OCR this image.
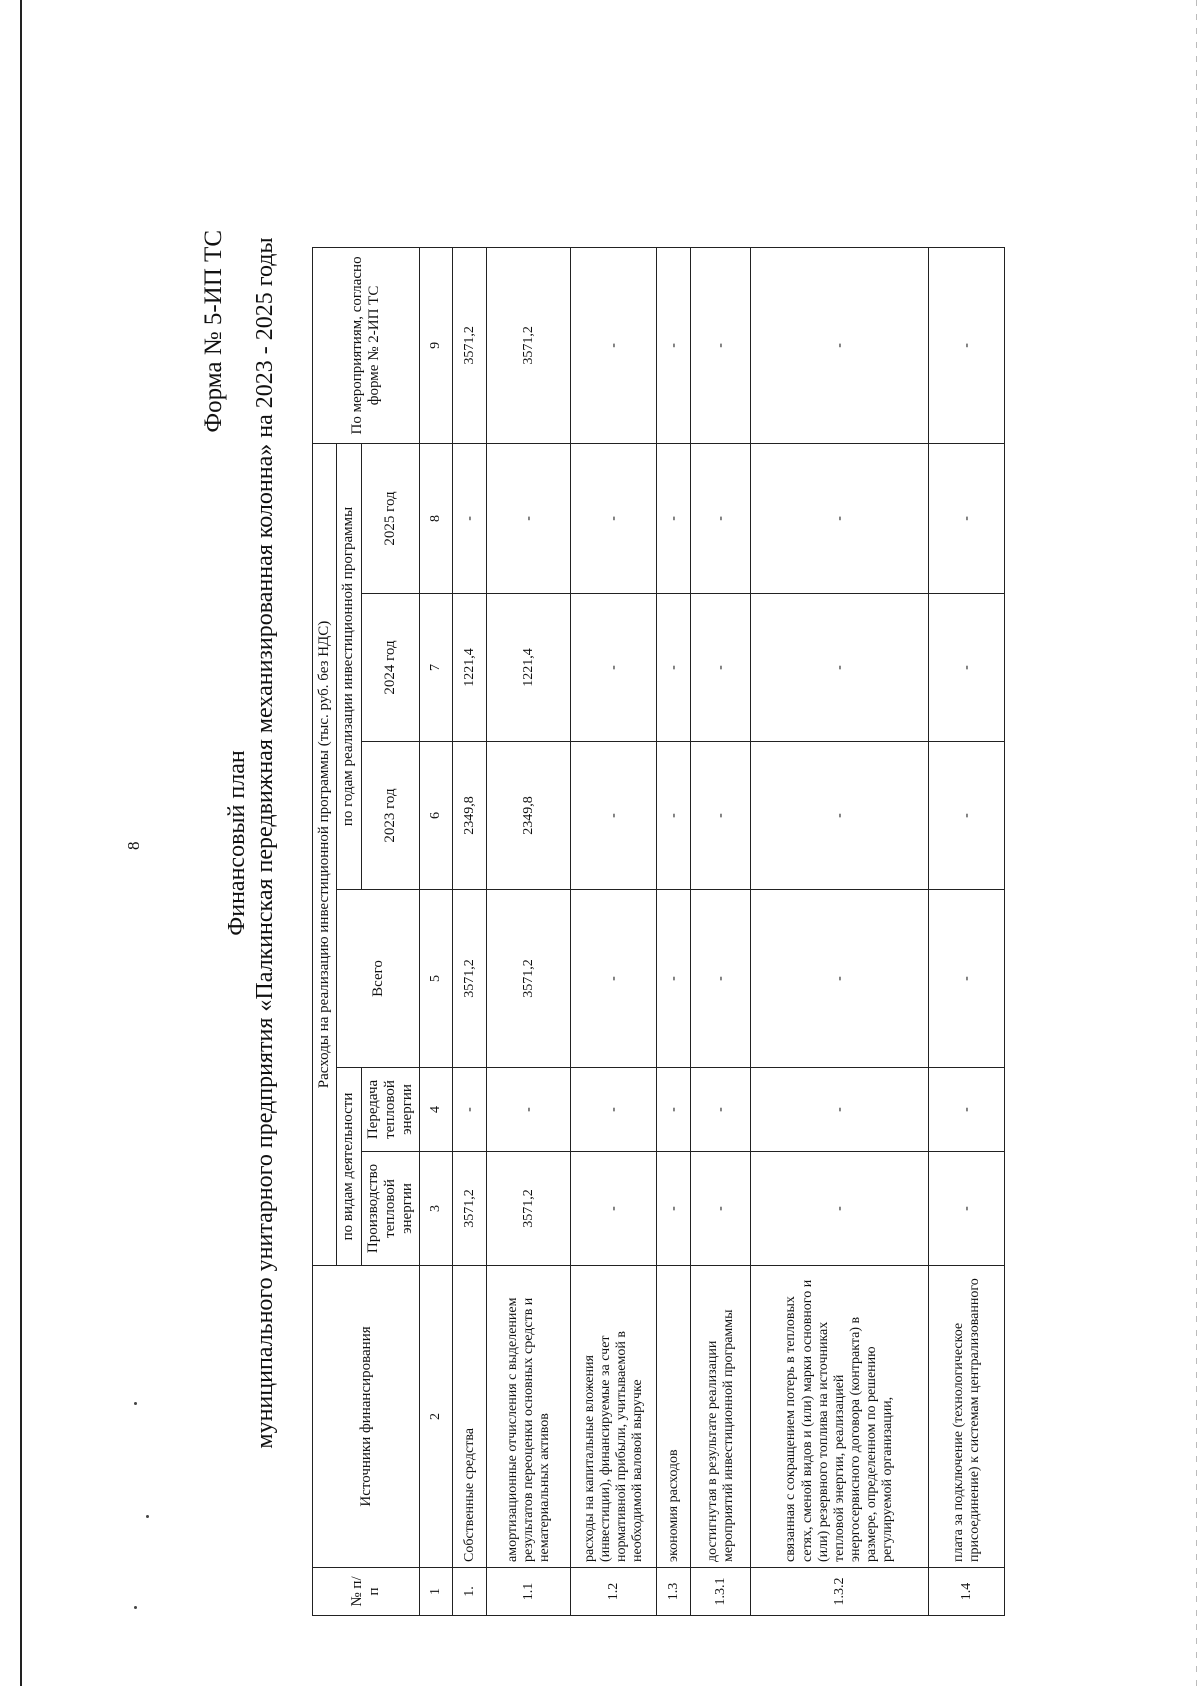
8
Форма № 5-ИП ТС
Финансовый план муниципального унитарного предприятия «Палкинская передвижная механизированная колонна» на 2023 - 2025 годы
№ п/п	Источники финансирования	Расходы на реализацию инвестиционной программы (тыс. руб. без НДС)						По мероприятиям, согласно форме № 2-ИП ТС
		по видам деятельности		Всего	по годам реализации инвестиционной программы			
		Производство тепловой энергии	Передача тепловой энергии		2023 год	2024 год	2025 год	
1	2	3	4	5	6	7	8	9
1.	Собственные средства	3571,2	-	3571,2	2349,8	1221,4	-	3571,2
1.1	амортизационные отчисления с выделением результатов переоценки основных средств и нематериальных активов	3571,2	-	3571,2	2349,8	1221,4	-	3571,2
1.2	расходы на капитальные вложения (инвестиции), финансируемые за счет нормативной прибыли, учитываемой в необходимой валовой выручке	-	-	-	-	-	-	-
1.3	экономия расходов	-	-	-	-	-	-	-
1.3.1	достигнутая в результате реализации мероприятий инвестиционной программы	-	-	-	-	-	-	-
1.3.2	связанная с сокращением потерь в тепловых сетях, сменой видов и (или) марки основного и (или) резервного топлива на источниках тепловой энергии, реализацией энергосервисного договора (контракта) в размере, определенном по решению регулируемой организации,	-	-	-	-	-	-	-
1.4	плата за подключение (технологическое присоединение) к системам централизованного	-	-	-	-	-	-	-
